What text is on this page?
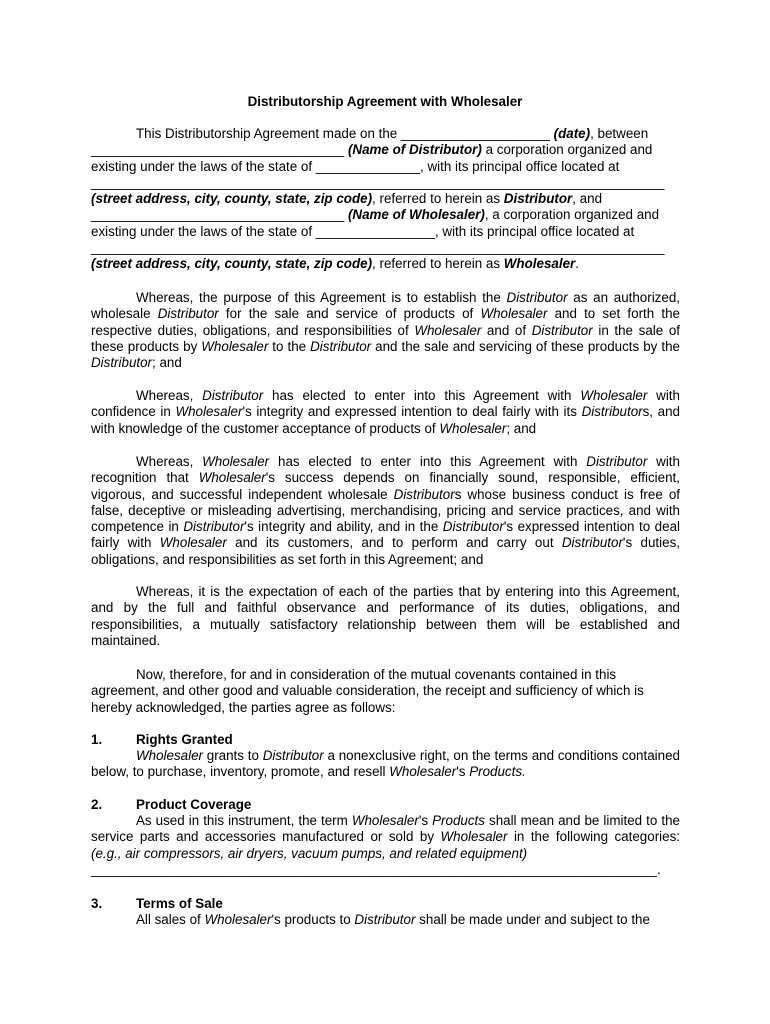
Distributorship Agreement with Wholesaler
This Distributorship Agreement made on the ____________________ (date), between
__________________________________ (Name of Distributor) a corporation organized and
existing under the laws of the state of ______________, with its principal office located at
_____________________________________________________________________________
(street address, city, county, state, zip code), referred to herein as Distributor, and
__________________________________ (Name of Wholesaler), a corporation organized and
existing under the laws of the state of ________________, with its principal office located at
_____________________________________________________________________________
(street address, city, county, state, zip code), referred to herein as Wholesaler.

Whereas, the purpose of this Agreement is to establish the Distributor as an authorized, wholesale Distributor for the sale and service of products of Wholesaler and to set forth the respective duties, obligations, and responsibilities of Wholesaler and of Distributor in the sale of these products by Wholesaler to the Distributor and the sale and servicing of these products by the Distributor; and

Whereas, Distributor has elected to enter into this Agreement with Wholesaler with confidence in Wholesaler's integrity and expressed intention to deal fairly with its Distributors, and with knowledge of the customer acceptance of products of Wholesaler; and

Whereas, Wholesaler has elected to enter into this Agreement with Distributor with recognition that Wholesaler's success depends on financially sound, responsible, efficient, vigorous, and successful independent wholesale Distributors whose business conduct is free of false, deceptive or misleading advertising, merchandising, pricing and service practices, and with competence in Distributor's integrity and ability, and in the Distributor's expressed intention to deal fairly with Wholesaler and its customers, and to perform and carry out Distributor's duties, obligations, and responsibilities as set forth in this Agreement; and

Whereas, it is the expectation of each of the parties that by entering into this Agreement, and by the full and faithful observance and performance of its duties, obligations, and responsibilities, a mutually satisfactory relationship between them will be established and maintained.

Now, therefore, for and in consideration of the mutual covenants contained in this agreement, and other good and valuable consideration, the receipt and sufficiency of which is hereby acknowledged, the parties agree as follows:

1.	Rights Granted

Wholesaler grants to Distributor a nonexclusive right, on the terms and conditions contained below, to purchase, inventory, promote, and resell Wholesaler's Products.

2.	Product Coverage

As used in this instrument, the term Wholesaler's Products shall mean and be limited to the service parts and accessories manufactured or sold by Wholesaler in the following categories: (e.g., air compressors, air dryers, vacuum pumps, and related equipment)

____________________________________________________________________________.

3.	Terms of Sale

All sales of Wholesaler's products to Distributor shall be made under and subject to the
